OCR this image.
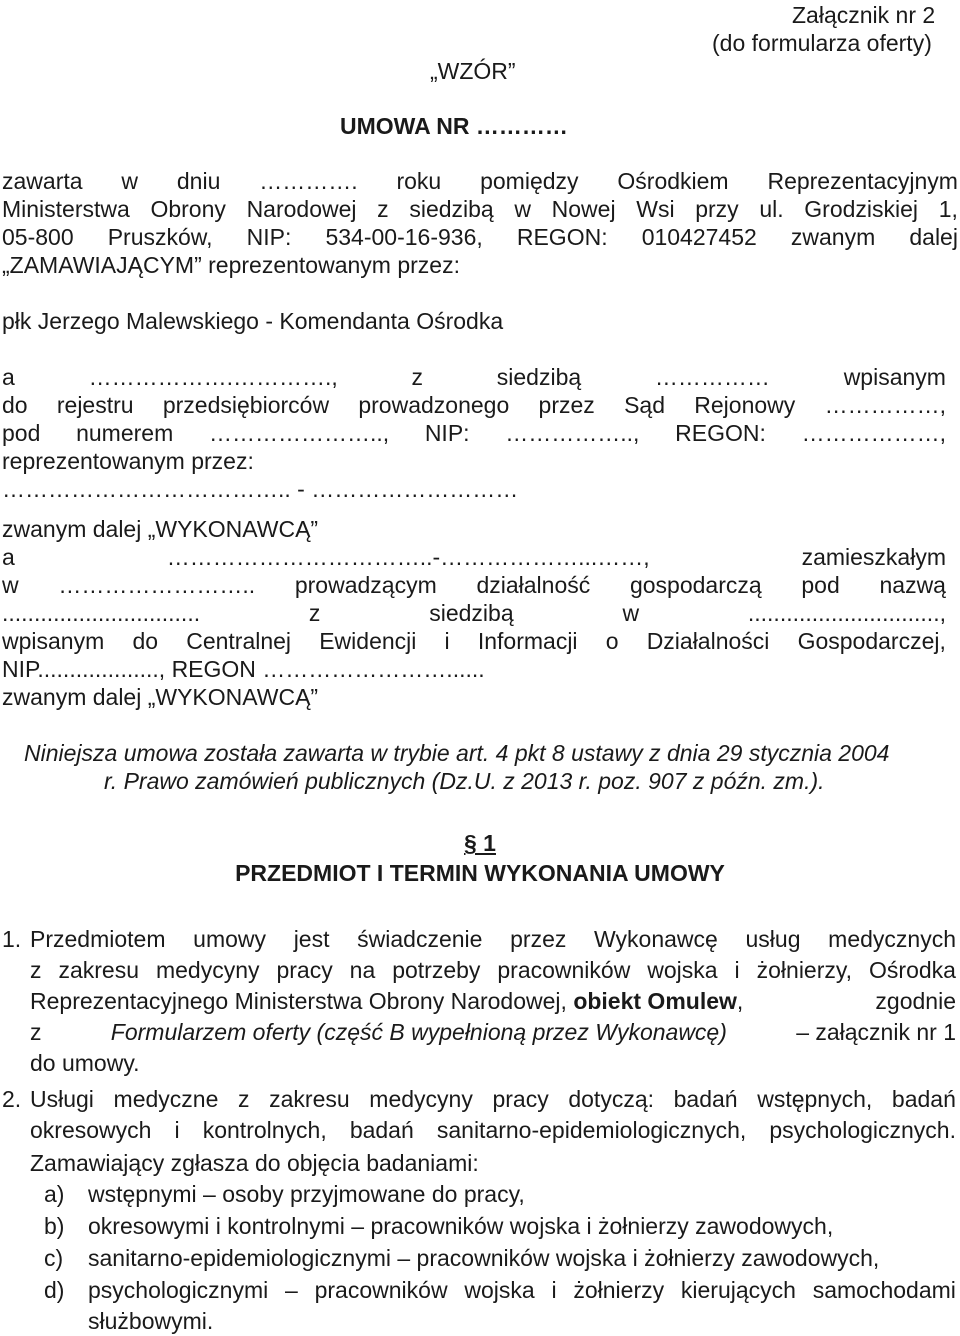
Załącznik nr 2
(do formularza oferty)
„WZÓR”
UMOWA NR …………
zawarta w dniu …………. roku pomiędzy Ośrodkiem Reprezentacyjnym
Ministerstwa Obrony Narodowej z siedzibą w Nowej Wsi przy ul. Grodziskiej 1,
05-800 Pruszków, NIP: 534-00-16-936, REGON: 010427452 zwanym dalej
„ZAMAWIAJĄCYM” reprezentowanym przez:
płk Jerzego Malewskiego - Komendanta Ośrodka
a	……………….………….,	z	siedzibą	……………	wpisanym
do rejestru przedsiębiorców prowadzonego przez Sąd Rejonowy ……………,
pod numerem ………………….., NIP: …………….., REGON: ………………,
reprezentowanym przez:
……………………………….. - ………………………
zwanym dalej „WYKONAWCĄ”
a	……………………………..-………………...……,	zamieszkałym
w …………………….. prowadzącym działalność gospodarczą pod nazwą
...............................	z	siedzibą	w	..............................,
wpisanym do Centralnej Ewidencji i Informacji o Działalności Gospodarczej,
NIP..................., REGON ……………………......
zwanym dalej „WYKONAWCĄ”
Niniejsza umowa została zawarta w trybie art. 4 pkt 8 ustawy z dnia 29 stycznia 2004
r. Prawo zamówień publicznych (Dz.U. z 2013 r. poz. 907 z późn. zm.).
§ 1
PRZEDMIOT I TERMIN WYKONANIA UMOWY
1. Przedmiotem umowy jest świadczenie przez Wykonawcę usług medycznych
z zakresu medycyny pracy na potrzeby pracowników wojska i żołnierzy, Ośrodka
Reprezentacyjnego Ministerstwa Obrony Narodowej, obiekt Omulew,	zgodnie
z	Formularzem oferty (część B wypełnioną przez Wykonawcę)	– załącznik nr 1
do umowy.
2. Usługi medyczne z zakresu medycyny pracy dotyczą: badań wstępnych, badań
okresowych i kontrolnych, badań sanitarno-epidemiologicznych, psychologicznych.
Zamawiający zgłasza do objęcia badaniami:
a) wstępnymi – osoby przyjmowane do pracy,
b) okresowymi i kontrolnymi – pracowników wojska i żołnierzy zawodowych,
c) sanitarno-epidemiologicznymi – pracowników wojska i żołnierzy zawodowych,
d) psychologicznymi – pracowników wojska i żołnierzy kierujących samochodami
służbowymi.
